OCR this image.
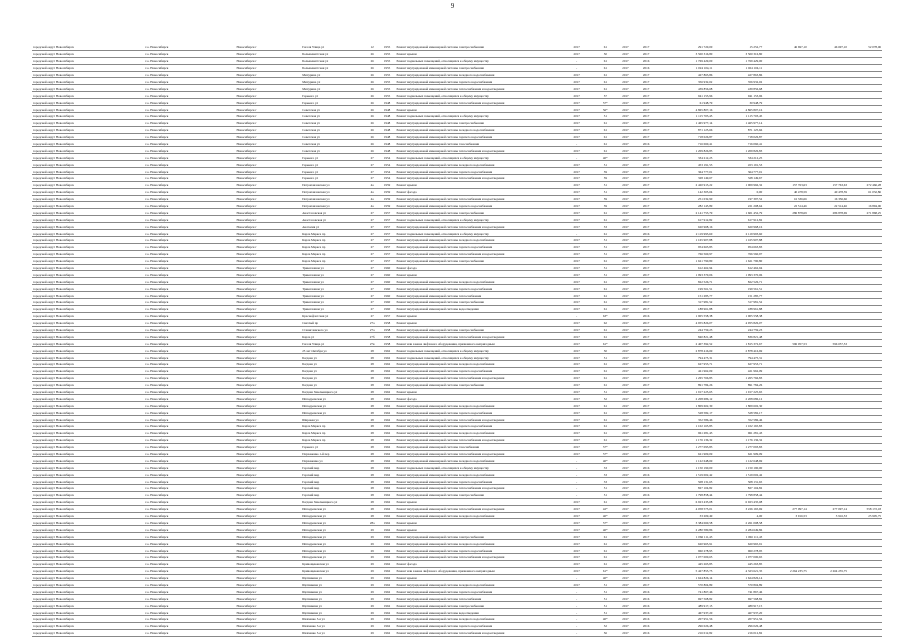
9
городской округ Новосибирск	г.о. Новосибирск	Новосибирск г	Гоголя Улица ул	12	1955	Ремонт внутридомовой инженерной системы электроснабжения	2017	61	2017	2017	291 720,00	15 252,77	46 697,10	46 697,10	52 078,06
городской округ Новосибирск	г.о. Новосибирск	Новосибирск г	Большевистская ул	26	1955	Ремонт крыши	2017	50	2017	2017	3 500 316,80	3 500 316,80			
городской округ Новосибирск	г.о. Новосибирск	Новосибирск г	Большевистская ул	26	1955	Ремонт подвальных помещений, относящихся к общему имуществу	-	61	2017	2016	1 769 429,00	1 769 429,00			
городской округ Новосибирск	г.о. Новосибирск	Новосибирск г	Большевистская ул	26	1955	Ремонт внутридомовой инженерной системы электроснабжения	-	61	2017	2016	1 024 104,11	1 024 104,11			
городской округ Новосибирск	г.о. Новосибирск	Новосибирск г	Мичурина ул	26	1955	Ремонт внутридомовой инженерной системы холодного водоснабжения	2017	61	2017	2017	427 863,86	427 863,86			
городской округ Новосибирск	г.о. Новосибирск	Новосибирск г	Мичурина ул	26	1955	Ремонт внутридомовой инженерной системы горячего водоснабжения	2017	61	2017	2017	356 932,02	356 932,02			
городской округ Новосибирск	г.о. Новосибирск	Новосибирск г	Мичурина ул	26	1955	Ремонт внутридомовой инженерной системы теплоснабжения и водоотведения	2017	61	2017	2017	439 856,68	439 856,68			
городской округ Новосибирск	г.о. Новосибирск	Новосибирск г	Горького ул	26	1955	Ремонт подвальных помещений, относящихся к общему имуществу	2017	57	2017	2017	941 153,96	941 153,96			
городской округ Новосибирск	г.о. Новосибирск	Новосибирск г	Горького ул	26	1948	Ремонт внутридомовой инженерной системы теплоснабжения и водоотведения	2017	57*	2017	2017	61 948,79	30 948,79			
городской округ Новосибирск	г.о. Новосибирск	Новосибирск г	Советская ул	26	1948	Ремонт крыши	2017	56*	2017	2017	4 865 807,16	4 865 807,16			
городской округ Новосибирск	г.о. Новосибирск	Новосибирск г	Советская ул	26	1948	Ремонт подвальных помещений, относящихся к общему имуществу	2017	51	2017	2017	1 115 703,45	1 115 703,45			
городской округ Новосибирск	г.о. Новосибирск	Новосибирск г	Советская ул	26	1948	Ремонт внутридомовой инженерной системы электроснабжения	2017	61	2017	2017	1 465 977,14	1 465 977,14			
городской округ Новосибирск	г.о. Новосибирск	Новосибирск г	Советская ул	26	1948	Ремонт внутридомовой инженерной системы холодного водоснабжения	2017	61	2017	2017	871 125,66	871 125,66			
городской округ Новосибирск	г.о. Новосибирск	Новосибирск г	Советская ул	26	1948	Ремонт внутридомовой инженерной системы горячего водоснабжения	2017	61	2017	2017	718 026,87	718 026,87			
городской округ Новосибирск	г.о. Новосибирск	Новосибирск г	Советская ул	26	1948	Ремонт внутридомовой инженерной системы газоснабжения	-	61	2017	2016	716 060,41	716 060,41			
городской округ Новосибирск	г.о. Новосибирск	Новосибирск г	Советская ул	26	1948	Ремонт внутридомовой инженерной системы теплоснабжения и водоотведения	2017	61	2017	2017	1 209 826,83	1 209 826,83			
городской округ Новосибирск	г.о. Новосибирск	Новосибирск г	Горького ул	27	1954	Ремонт подвальных помещений, относящихся к общему имуществу	-	40*	2017	2017	334 212,25	334 212,25			
городской округ Новосибирск	г.о. Новосибирск	Новосибирск г	Горького ул	27	1954	Ремонт внутридомовой инженерной системы холодного водоснабжения	2017	51	2017	2017	453 191,53	453 191,53			
городской округ Новосибирск	г.о. Новосибирск	Новосибирск г	Горького ул	27	1954	Ремонт внутридомовой инженерной системы горячего водоснабжения	2017	59	2017	2017	364 777,01	364 777,01			
городской округ Новосибирск	г.о. Новосибирск	Новосибирск г	Горького ул	27	1954	Ремонт внутридомовой инженерной системы теплоснабжения и водоотведения	2017	59	2017	2017	328 149,67	328 149,67			
городской округ Новосибирск	г.о. Новосибирск	Новосибирск г	Петропавловская ул	4а	1959	Ремонт крыши	2017	51	2017	2017	2 420 913,22	1 909 966,32	157 763,63	157 763,63	272 466,28
городской округ Новосибирск	г.о. Новосибирск	Новосибирск г	Петропавловская ул	4а	1959	Ремонт фасада	2017	51	2017	2017	142 305,04	0,00	40 478,59	40 478,59	61 032,86
городской округ Новосибирск	г.о. Новосибирск	Новосибирск г	Петропавловская ул	4а	1959	Ремонт внутридомовой инженерной системы теплоснабжения и водоотведения	2017	59	2017	2017	251 032,90	197 397,52	16 336,66	16 336,66	
городской округ Новосибирск	г.о. Новосибирск	Новосибирск г	Петропавловская ул	4а	1959	Ремонт внутридомовой инженерной системы горячего водоснабжения	2017	59	2017	2017	282 145,89	221 208,64	22 514,46	22 514,46	16 894,06
городской округ Новосибирск	г.о. Новосибирск	Новосибирск г	Анастасовская ул	27	1957	Ремонт внутридомовой инженерной системы электроснабжения	2017	61	2017	2017	2 141 753,79	1 601 452,79	286 878,69	286 878,69	271 868,25
городской округ Новосибирск	г.о. Новосибирск	Новосибирск г	Анастасовская ул	27	1957	Ремонт подвальных помещений, относящихся к общему имуществу	2017	61	2017	2017	617 912,82	617 912,82			
городской округ Новосибирск	г.о. Новосибирск	Новосибирск г	Анатолия ул	27	1957	Ремонт внутридомовой инженерной системы теплоснабжения и водоотведения	2017	53	2017	2017	620 968,16	620 968,16			
городской округ Новосибирск	г.о. Новосибирск	Новосибирск г	Карла Маркса пр	27	1957	Ремонт подвальных помещений, относящихся к общему имуществу	-	61	2017	2016	2 119 993,60	2 119 993,60			
городской округ Новосибирск	г.о. Новосибирск	Новосибирск г	Карла Маркса пр	27	1957	Ремонт внутридомовой инженерной системы холодного водоснабжения	2017	51	2017	2017	1 165 907,88	1 165 907,88			
городской округ Новосибирск	г.о. Новосибирск	Новосибирск г	Карла Маркса пр	27	1957	Ремонт внутридомовой инженерной системы горячего водоснабжения	2017	51	2017	2017	954 663,83	954 663,83			
городской округ Новосибирск	г.о. Новосибирск	Новосибирск г	Карла Маркса пр	27	1957	Ремонт внутридомовой инженерной системы теплоснабжения и водоотведения	2017	51	2017	2017	766 560,97	766 560,97			
городской округ Новосибирск	г.о. Новосибирск	Новосибирск г	Карла Маркса пр	27	1957	Ремонт внутридомовой инженерной системы электроснабжения	2017	61	2017	2017	1 621 790,80	1 621 790,80			
городской округ Новосибирск	г.о. Новосибирск	Новосибирск г	Трикотажная ул	27	1960	Ремонт фасада	2017	51	2017	2017	612 462,94	612 462,94			
городской округ Новосибирск	г.о. Новосибирск	Новосибирск г	Трикотажная ул	27	1960	Ремонт крыши	2017	51	2017	2017	1 993 370,06	1 993 370,06			
городской округ Новосибирск	г.о. Новосибирск	Новосибирск г	Трикотажная ул	27	1960	Ремонт внутридомовой инженерной системы холодного водоснабжения	2017	61	2017	2017	822 526,71	822 526,71			
городской округ Новосибирск	г.о. Новосибирск	Новосибирск г	Трикотажная ул	27	1960	Ремонт внутридомовой инженерной системы горячего водоснабжения	2017	61	2017	2017	199 561,51	199 561,51			
городской округ Новосибирск	г.о. Новосибирск	Новосибирск г	Трикотажная ул	27	1960	Ремонт внутридомовой инженерной системы теплоснабжения	2017	61	2017	2017	151 285,77	151 285,77			
городской округ Новосибирск	г.о. Новосибирск	Новосибирск г	Трикотажная ул	27	1960	Ремонт внутридомовой инженерной системы электроснабжения	2017	61	2017	2017	317 981,52	317 981,52			
городской округ Новосибирск	г.о. Новосибирск	Новосибирск г	Трикотажная ул	27	1960	Ремонт внутридомовой инженерной системы водоотведения	2017	61	2017	2017	188 961,88	188 961,88			
городской округ Новосибирск	г.о. Новосибирск	Новосибирск г	Краснофлотская ул	27	1957	Ремонт крыши	-	63*	2017	2016	1 905 558,38	1 905 558,38			
городской округ Новосибирск	г.о. Новосибирск	Новосибирск г	Светлый пр	27а	1958	Ремонт крыши	2017	62	2017	2017	4 955 826,07	4 955 826,07			
городской округ Новосибирск	г.о. Новосибирск	Новосибирск г	Станиславского ул	27а	1958	Ремонт внутридомовой инженерной системы электроснабжения	2017	61	2017	2017	244 759,23	244 759,23			
городской округ Новосибирск	г.о. Новосибирск	Новосибирск г	Карла ул	27б	1958	Ремонт внутридомовой инженерной системы теплоснабжения и водоотведения	2017	61	2017	2017	840 821,48	836 821,48			
городской округ Новосибирск	г.о. Новосибирск	Новосибирск г	Гоголя Улица ул	27в	1958	Ремонт или замена лифтового оборудования, признанного непригодным	2017	61*	2017	2017	2 407 392,52	1 815 372,67	596 057,53	596 057,53	
городской округ Новосибирск	г.о. Новосибирск	Новосибирск г	25 лет Октября ул	28	1962	Ремонт подвальных помещений, относящихся к общему имуществу	2017	50	2017	2017	2 878 416,69	2 878 416,69			
городской округ Новосибирск	г.о. Новосибирск	Новосибирск г	Богдана ул	28	1962	Ремонт подвальных помещений, относящихся к общему имуществу	2017	51	2017	2017	794 475,31	794 475,31			
городской округ Новосибирск	г.о. Новосибирск	Новосибирск г	Богдана ул	28	1962	Ремонт внутридомовой инженерной системы холодного водоснабжения	2017	61	2017	2017	627 953,71	627 953,71			
городской округ Новосибирск	г.о. Новосибирск	Новосибирск г	Богдана ул	28	1962	Ремонт внутридомовой инженерной системы горячего водоснабжения	2017	61	2017	2017	421 962,09	421 962,09			
городской округ Новосибирск	г.о. Новосибирск	Новосибирск г	Богдана ул	28	1962	Ремонт внутридомовой инженерной системы теплоснабжения и водоотведения	2017	61	2017	2017	1 265 766,83	1 265 766,83			
городской округ Новосибирск	г.о. Новосибирск	Новосибирск г	Богдана ул	28	1962	Ремонт внутридомовой инженерной системы электроснабжения	2017	61	2017	2017	891 784,26	891 784,26			
городской округ Новосибирск	г.о. Новосибирск	Новосибирск г	Богдана Хмельницкого ул	28	1962	Ремонт крыши	2017	51	2017	2017	1 917 225,65	1 917 225,65			
городской округ Новосибирск	г.о. Новосибирск	Новосибирск г	Ипподромская ул	28	1962	Ремонт фасада	2017	52	2017	2017	2 208 686,12	2 208 686,12			
городской округ Новосибирск	г.о. Новосибирск	Новосибирск г	Ипподромская ул	28	1962	Ремонт внутридомовой инженерной системы холодного водоснабжения	2017	61	2017	2017	1 809 602,30	1 809 602,30			
городской округ Новосибирск	г.о. Новосибирск	Новосибирск г	Ипподромская ул	28	1962	Ремонт внутридомовой инженерной системы горячего водоснабжения	2017	61	2017	2017	528 582,17	528 582,17			
городской округ Новосибирск	г.о. Новосибирск	Новосибирск г	Широкая ул	28	1962	Ремонт внутридомовой инженерной системы теплоснабжения и водоотведения	2017	61	2017	2017	352 586,46	352 586,46			
городской округ Новосибирск	г.о. Новосибирск	Новосибирск г	Карла Маркса пр	28	1962	Ремонт внутридомовой инженерной системы горячего водоснабжения	2017	61	2017	2017	1 102 165,83	1 102 165,83			
городской округ Новосибирск	г.о. Новосибирск	Новосибирск г	Карла Маркса пр	28	1962	Ремонт внутридомовой инженерной системы холодного водоснабжения	2017	61	2017	2017	961 281,43	961 281,43			
городской округ Новосибирск	г.о. Новосибирск	Новосибирск г	Карла Маркса пр	28	1962	Ремонт внутридомовой инженерной системы теплоснабжения и водоотведения	2017	61	2017	2017	1 176 136,32	1 176 136,32			
городской округ Новосибирск	г.о. Новосибирск	Новосибирск г	Горького ул	28	1962	Ремонт внутридомовой инженерной системы газоснабжения	2017	57*	2017	2017	1 277 093,83	1 277 093,83			
городской округ Новосибирск	г.о. Новосибирск	Новосибирск г	Пархоменко 1-й пер	28	1962	Ремонт внутридомовой инженерной системы теплоснабжения и водоотведения	2017	57*	2017	2017	621 909,09	621 909,09			
городской округ Новосибирск	г.о. Новосибирск	Новосибирск г	Пархоменко ул	28	1962	Ремонт внутридомовой инженерной системы холодного водоснабжения	-	40*	2017	2017	1 122 648,69	1 122 648,69			
городской округ Новосибирск	г.о. Новосибирск	Новосибирск г	Горский мкр	28	1962	Ремонт подвальных помещений, относящихся к общему имуществу	-	33	2017	2016	1 150 190,00	1 150 190,00			
городской округ Новосибирск	г.о. Новосибирск	Новосибирск г	Горский мкр	28	1962	Ремонт внутридомовой инженерной системы холодного водоснабжения	-	33	2017	2016	1 519 002,42	1 519 002,42			
городской округ Новосибирск	г.о. Новосибирск	Новосибирск г	Горский мкр	28	1962	Ремонт внутридомовой инженерной системы горячего водоснабжения	-	33	2017	2016	508 131,65	508 131,65			
городской округ Новосибирск	г.о. Новосибирск	Новосибирск г	Горский мкр	28	1962	Ремонт внутридомовой инженерной системы теплоснабжения и водоотведения	-	51	2017	2016	827 104,82	827 104,82			
городской округ Новосибирск	г.о. Новосибирск	Новосибирск г	Горский мкр	28	1962	Ремонт внутридомовой инженерной системы электроснабжения	-	51	2017	2016	1 798 858,44	1 798 858,44			
городской округ Новосибирск	г.о. Новосибирск	Новосибирск г	Богдана Хмельницкого ул	28	1962	Ремонт крыши	2017	61	2017	2017	6 923 435,08	6 923 435,08			
городской округ Новосибирск	г.о. Новосибирск	Новосибирск г	Ипподромская ул	28	1962	Ремонт внутридомовой инженерной системы теплоснабжения и водоотведения	2017	42*	2017	2017	4 058 575,01	3 226 165,69	277 097,14	277 097,14	558 172,18
городской округ Новосибирск	г.о. Новосибирск	Новосибирск г	Ипподромская ул	28	1962	Ремонт внутридомовой инженерной системы холодного водоснабжения	2017	40*	2017	2017	33 209,49	4,00	3 916,53	3 916,53	25 905,75
городской округ Новосибирск	г.о. Новосибирск	Новосибирск г	Ипподромская ул	28а	1962	Ремонт крыши	2017	57*	2017	2017	3 384 060,58	2 261 008,58			
городской округ Новосибирск	г.о. Новосибирск	Новосибирск г	Ипподромская ул	29	1962	Ремонт крыши	2017	40*	2017	2017	2 280 580,86	2 284 649,86			
городской округ Новосибирск	г.о. Новосибирск	Новосибирск г	Ипподромская ул	29	1962	Ремонт внутридомовой инженерной системы электроснабжения	2017	61	2017	2017	1 066 111,43	1 066 111,43			
городской округ Новосибирск	г.о. Новосибирск	Новосибирск г	Ипподромская ул	29	1962	Ремонт внутридомовой инженерной системы холодного водоснабжения	2017	61	2017	2017	620 965,91	620 965,91			
городской округ Новосибирск	г.о. Новосибирск	Новосибирск г	Ипподромская ул	29	1962	Ремонт внутридомовой инженерной системы горячего водоснабжения	2017	61	2017	2017	960 278,95	960 278,95			
городской округ Новосибирск	г.о. Новосибирск	Новосибирск г	Ипподромская ул	29	1962	Ремонт внутридомовой инженерной системы теплоснабжения и водоотведения	2017	61	2017	2017	1 077 000,65	1 077 000,65			
городской округ Новосибирск	г.о. Новосибирск	Новосибирск г	Кривощековская ул	29	1962	Ремонт фасада	2017	61	2017	2017	445 263,85	445 263,85			
городской округ Новосибирск	г.о. Новосибирск	Новосибирск г	Кривощековская ул	29	1962	Ремонт или замена лифтового оборудования, признанного непригодным	2017	61*	2017	2017	5 427 855,75	4 323 621,35	2 264 235,75	2 264 235,75	
городской округ Новосибирск	г.о. Новосибирск	Новосибирск г	Щетинкина ул	29	1962	Ремонт крыши	-	40*	2017	2016	1 624 826,14	1 624 826,14			
городской округ Новосибирск	г.о. Новосибирск	Новосибирск г	Щетинкина ул	29	1962	Ремонт внутридомовой инженерной системы холодного водоснабжения	2017	51	2017	2017	570 804,89	570 804,89			
городской округ Новосибирск	г.о. Новосибирск	Новосибирск г	Щетинкина ул	29	1962	Ремонт внутридомовой инженерной системы горячего водоснабжения	-	51	2017	2016	741 867,46	741 867,46			
городской округ Новосибирск	г.о. Новосибирск	Новосибирск г	Щетинкина ул	29	1962	Ремонт внутридомовой инженерной системы теплоснабжения	-	51	2017	2016	697 568,82	697 568,82			
городской округ Новосибирск	г.о. Новосибирск	Новосибирск г	Щетинкина ул	29	1962	Ремонт внутридомовой инженерной системы электроснабжения	-	51	2017	2016	489 917,15	489 917,15			
городской округ Новосибирск	г.о. Новосибирск	Новосибирск г	Щетинкина ул	29	1962	Ремонт внутридомовой инженерной системы водоотведения	-	51	2017	2016	467 937,20	467 937,20			
городской округ Новосибирск	г.о. Новосибирск	Новосибирск г	Шевченко 3-я ул	29	1962	Ремонт внутридомовой инженерной системы холодного водоснабжения	-	40*	2017	2016	207 951,56	207 951,56			
городской округ Новосибирск	г.о. Новосибирск	Новосибирск г	Шевченко 3-я ул	29	1962	Ремонт внутридомовой инженерной системы горячего водоснабжения	-	52	2017	2016	296 026,48	296 026,48			
городской округ Новосибирск	г.о. Новосибирск	Новосибирск г	Шевченко 3-я ул	29	1962	Ремонт внутридомовой инженерной системы теплоснабжения и водоотведения	-	56	2017	2016	216 012,82	216 012,82			
